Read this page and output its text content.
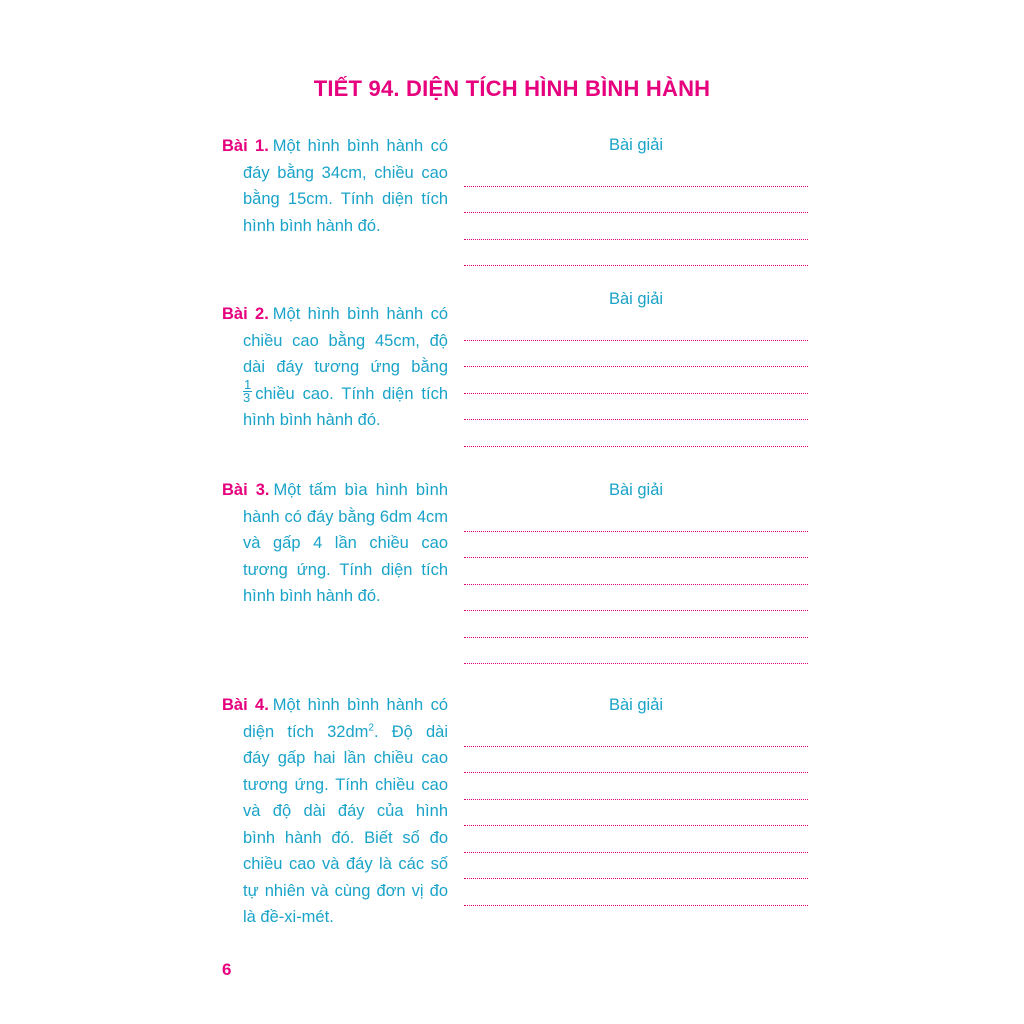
TIẾT 94. DIỆN TÍCH HÌNH BÌNH HÀNH
Bài 1. Một hình bình hành có
đáy bằng 34cm, chiều cao
bằng 15cm. Tính diện tích
hình bình hành đó.
Bài giải
Bài 2. Một hình bình hành có
chiều cao bằng 45cm, độ
dài đáy tương ứng bằng
$\frac{1}{3}$ chiều cao. Tính diện tích
hình bình hành đó.
Bài giải
Bài 3. Một tấm bìa hình bình
hành có đáy bằng 6dm 4cm
và gấp 4 lần chiều cao
tương ứng. Tính diện tích
hình bình hành đó.
Bài giải
Bài 4. Một hình bình hành có
diện tích $32dm^2$. Độ dài
đáy gấp hai lần chiều cao
tương ứng. Tính chiều cao
và độ dài đáy của hình
bình hành đó. Biết số đo
chiều cao và đáy là các số
tự nhiên và cùng đơn vị đo
là đề-xi-mét.
Bài giải
6
